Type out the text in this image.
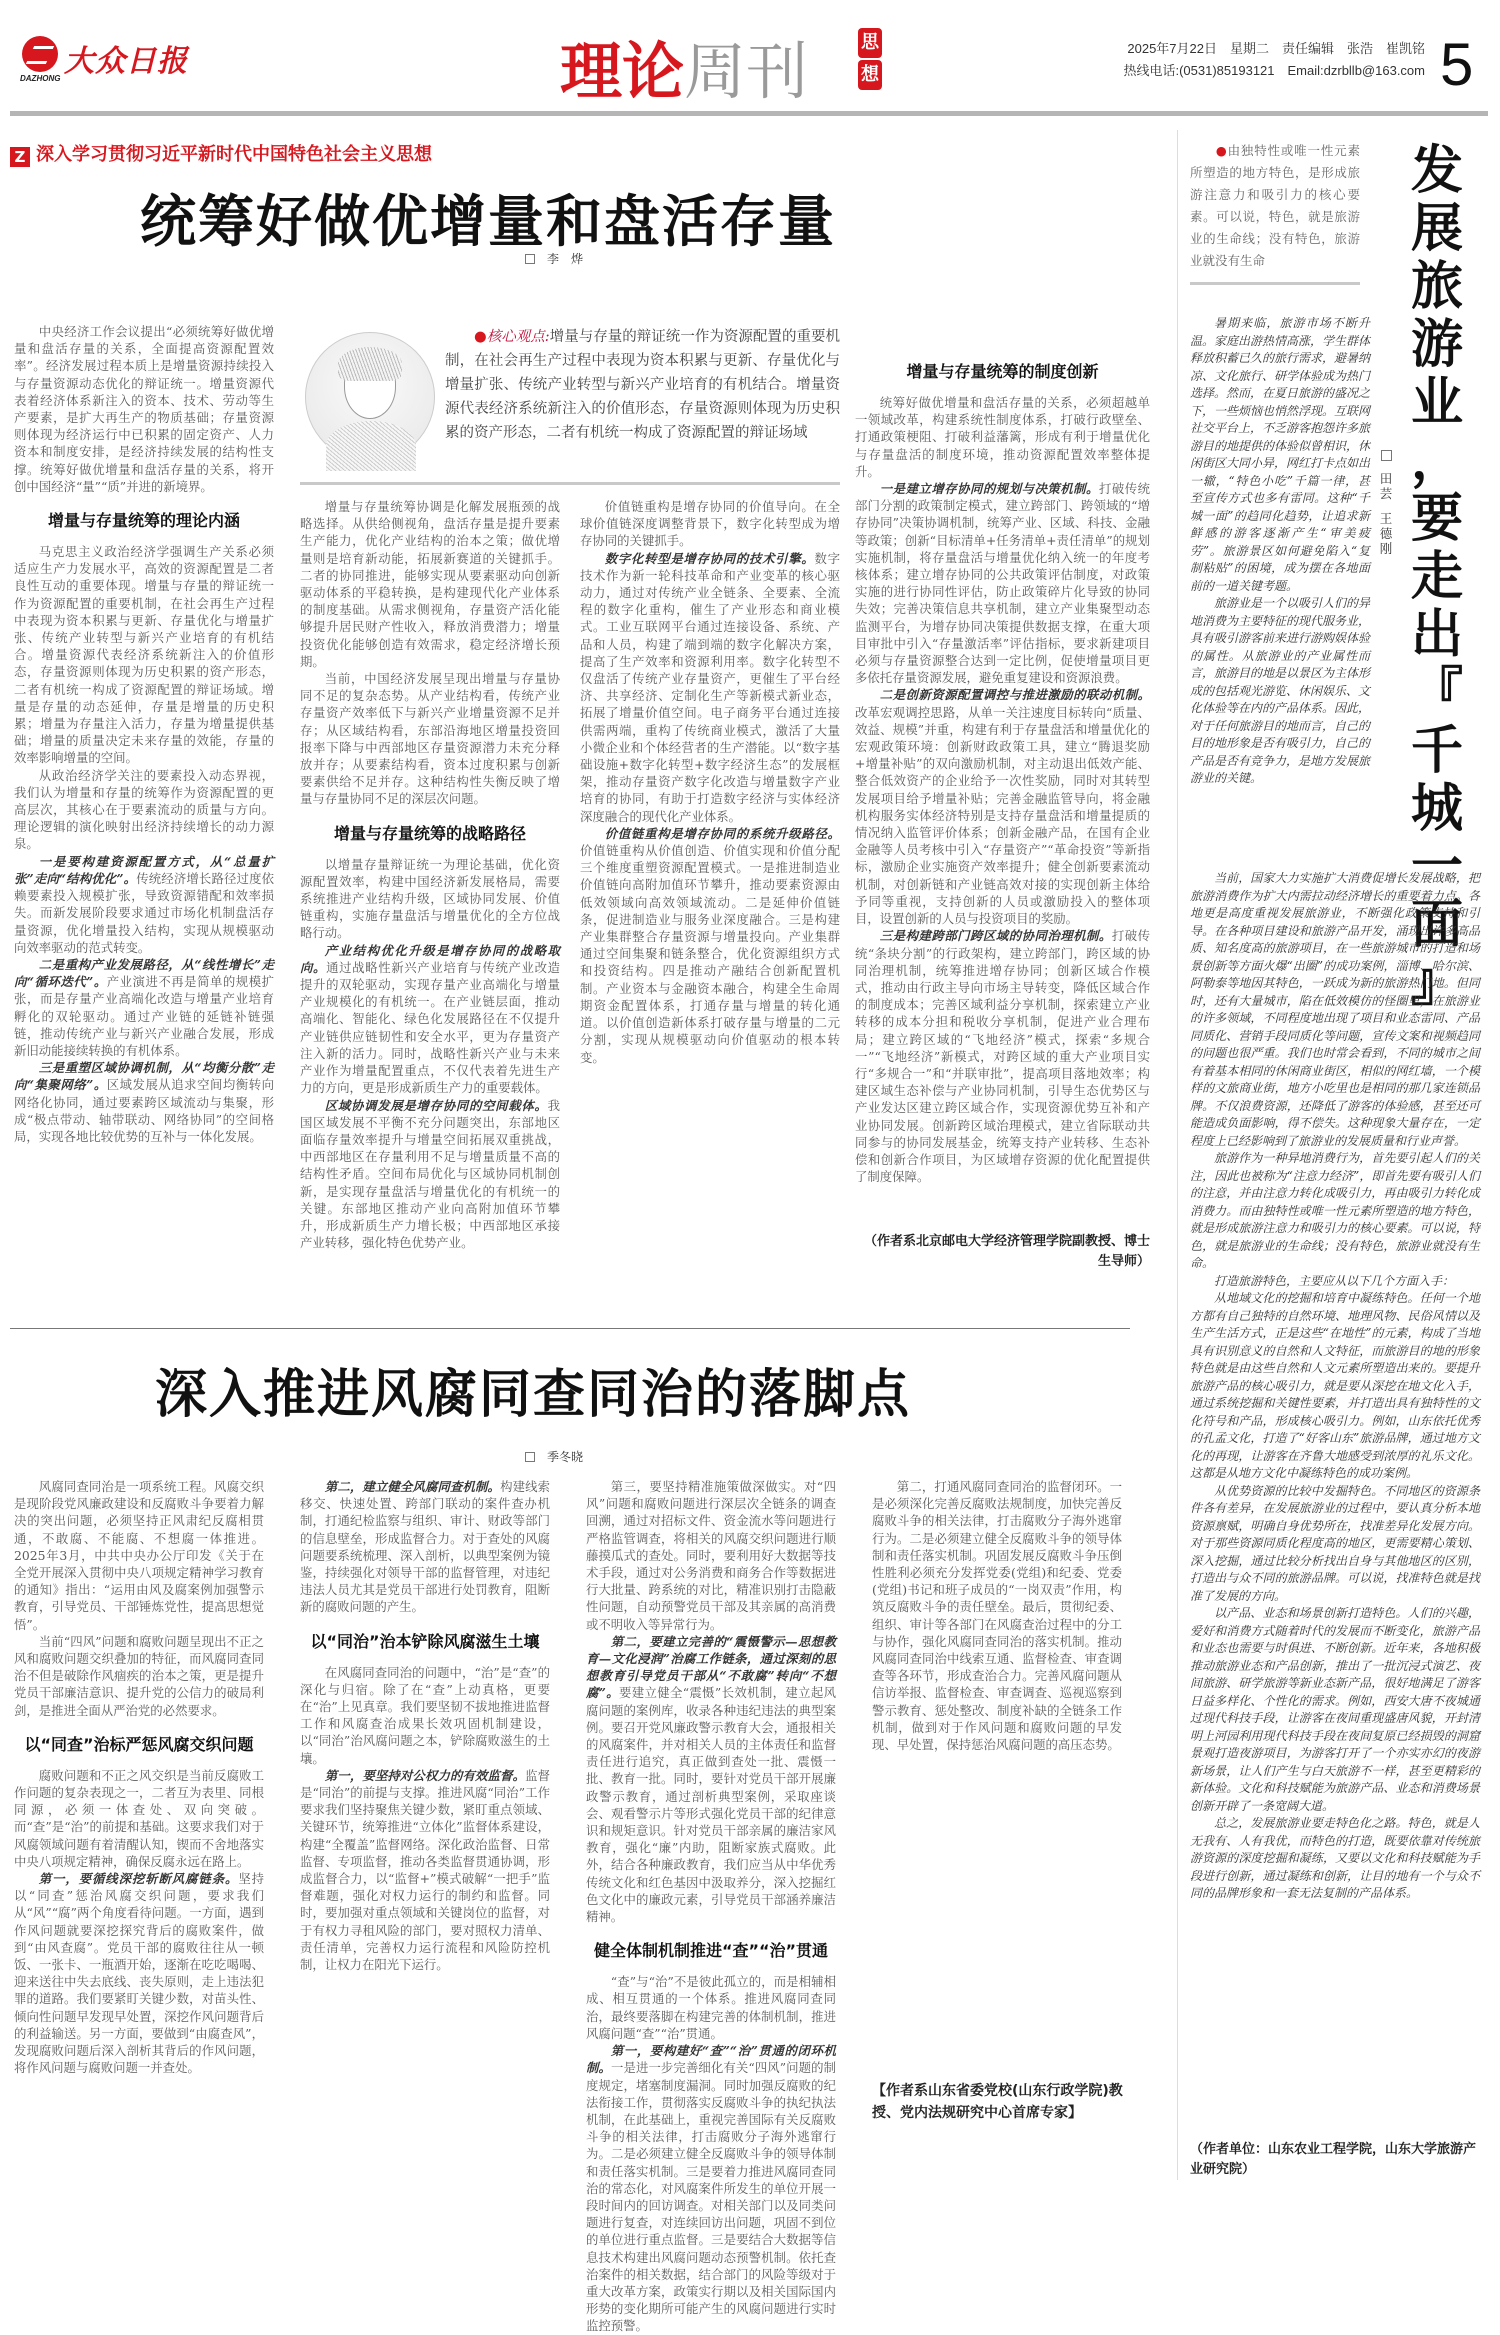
DAZHONG 大众日报	理论周刊	思
想
2025年7月22日　星期二　责任编辑　张浩　崔凯铭
热线电话:(0531)85193121　Email:dzrbllb@163.com 5
Z 深入学习贯彻习近平新时代中国特色社会主义思想
统筹好做优增量和盘活存量
李　烨
  ●核心观点:增量与存量的辩证统一作为资源配置的重要机制，在社会再生产过程中表现为资本积累与更新、存量优化与增量扩张、传统产业转型与新兴产业培育的有机结合。增量资源代表经济系统新注入的价值形态，存量资源则体现为历史积累的资产形态，二者有机统一构成了资源配置的辩证场域

中央经济工作会议提出“必须统筹好做优增量和盘活存量的关系，全面提高资源配置效率”。经济发展过程本质上是增量资源持续投入与存量资源动态优化的辩证统一。增量资源代表着经济体系新注入的资本、技术、劳动等生产要素，是扩大再生产的物质基础；存量资源则体现为经济运行中已积累的固定资产、人力资本和制度安排，是经济持续发展的结构性支撑。统筹好做优增量和盘活存量的关系，将开创中国经济“量”“质”并进的新境界。

增量与存量统筹的理论内涵

马克思主义政治经济学强调生产关系必须适应生产力发展水平，高效的资源配置是二者良性互动的重要体现。增量与存量的辩证统一作为资源配置的重要机制，在社会再生产过程中表现为资本积累与更新、存量优化与增量扩张、传统产业转型与新兴产业培育的有机结合。增量资源代表经济系统新注入的价值形态，存量资源则体现为历史积累的资产形态，二者有机统一构成了资源配置的辩证场域。增量是存量的动态延伸，存量是增量的历史积累；增量为存量注入活力，存量为增量提供基础；增量的质量决定未来存量的效能，存量的效率影响增量的空间。

从政治经济学关注的要素投入动态界视，我们认为增量和存量的统筹作为资源配置的更高层次，其核心在于要素流动的质量与方向。理论逻辑的演化映射出经济持续增长的动力源泉。

一是要构建资源配置方式，从“总量扩张”走向“结构优化”。传统经济增长路径过度依赖要素投入规模扩张，导致资源错配和效率损失。而新发展阶段要求通过市场化机制盘活存量资源，优化增量投入结构，实现从规模驱动向效率驱动的范式转变。

二是重构产业发展路径，从“线性增长”走向“循环迭代”。产业演进不再是简单的规模扩张，而是存量产业高端化改造与增量产业培育孵化的双轮驱动。通过产业链的延链补链强链，推动传统产业与新兴产业融合发展，形成新旧动能接续转换的有机体系。

三是重塑区域协调机制，从“均衡分散”走向“集聚网络”。区域发展从追求空间均衡转向网络化协同，通过要素跨区域流动与集聚，形成“极点带动、轴带联动、网络协同”的空间格局，实现各地比较优势的互补与一体化发展。

增量与存量统筹协调是化解发展瓶颈的战略选择。从供给侧视角，盘活存量是提升要素生产能力，优化产业结构的治本之策；做优增量则是培育新动能，拓展新赛道的关键抓手。二者的协同推进，能够实现从要素驱动向创新驱动体系的平稳转换，是构建现代化产业体系的制度基础。从需求侧视角，存量资产活化能够提升居民财产性收入，释放消费潜力；增量投资优化能够创造有效需求，稳定经济增长预期。

当前，中国经济发展呈现出增量与存量协同不足的复杂态势。从产业结构看，传统产业存量资产效率低下与新兴产业增量资源不足并存；从区域结构看，东部沿海地区增量投资回报率下降与中西部地区存量资源潜力未充分释放并存；从要素结构看，资本过度积累与创新要素供给不足并存。这种结构性失衡反映了增量与存量协同不足的深层次问题。

增量与存量统筹的战略路径

以增量存量辩证统一为理论基础，优化资源配置效率，构建中国经济新发展格局，需要系统推进产业结构升级，区域协同发展、价值链重构，实施存量盘活与增量优化的全方位战略行动。

产业结构优化升级是增存协同的战略取向。通过战略性新兴产业培育与传统产业改造提升的双轮驱动，实现存量产业高端化与增量产业规模化的有机统一。在产业链层面，推动高端化、智能化、绿色化发展路径在不仅提升产业链供应链韧性和安全水平，更为存量资产注入新的活力。同时，战略性新兴产业与未来产业作为增量配置重点，不仅代表着先进生产力的方向，更是形成新质生产力的重要载体。

区域协调发展是增存协同的空间载体。我国区域发展不平衡不充分问题突出，东部地区面临存量效率提升与增量空间拓展双重挑战，中西部地区在存量利用不足与增量质量不高的结构性矛盾。空间布局优化与区域协同机制创新，是实现存量盘活与增量优化的有机统一的关键。东部地区推动产业向高附加值环节攀升，形成新质生产力增长极；中西部地区承接产业转移，强化特色优势产业。

价值链重构是增存协同的价值导向。在全球价值链深度调整背景下，数字化转型成为增存协同的关键抓手。

数字化转型是增存协同的技术引擎。数字技术作为新一轮科技革命和产业变革的核心驱动力，通过对传统产业全链条、全要素、全流程的数字化重构，催生了产业形态和商业模式。工业互联网平台通过连接设备、系统、产品和人员，构建了端到端的数字化解决方案，提高了生产效率和资源利用率。数字化转型不仅盘活了传统产业存量资产，更催生了平台经济、共享经济、定制化生产等新模式新业态，拓展了增量价值空间。电子商务平台通过连接供需两端，重构了传统商业模式，激活了大量小微企业和个体经营者的生产潜能。以“数字基础设施+数字化转型+数字经济生态”的发展框架，推动存量资产数字化改造与增量数字产业培育的协同，有助于打造数字经济与实体经济深度融合的现代化产业体系。

价值链重构是增存协同的系统升级路径。价值链重构从价值创造、价值实现和价值分配三个维度重塑资源配置模式。一是推进制造业价值链向高附加值环节攀升，推动要素资源由低效领域向高效领域流动。二是延伸价值链条，促进制造业与服务业深度融合。三是构建产业集群整合存量资源与增量投向。产业集群通过空间集聚和链条整合，优化资源组织方式和投资结构。四是推动产融结合创新配置机制。产业资本与金融资本融合，构建全生命周期资金配置体系，打通存量与增量的转化通道。以价值创造新体系打破存量与增量的二元分割，实现从规模驱动向价值驱动的根本转变。

增量与存量统筹的制度创新

统筹好做优增量和盘活存量的关系，必须超越单一领域改革，构建系统性制度体系，打破行政壁垒、打通政策梗阻、打破利益藩篱，形成有利于增量优化与存量盘活的制度环境，推动资源配置效率整体提升。

一是建立增存协同的规划与决策机制。打破传统部门分割的政策制定模式，建立跨部门、跨领域的“增存协同”决策协调机制，统筹产业、区域、科技、金融等政策；创新“目标清单+任务清单+责任清单”的规划实施机制，将存量盘活与增量优化纳入统一的年度考核体系；建立增存协同的公共政策评估制度，对政策实施的进行协同性评估，防止政策碎片化导致的协同失效；完善决策信息共享机制，建立产业集聚型动态监测平台，为增存协同决策提供数据支撑，在重大项目审批中引入“存量激活率”评估指标，要求新建项目必须与存量资源整合达到一定比例，促使增量项目更多依托存量资源发展，避免重复建设和资源浪费。

二是创新资源配置调控与推进激励的联动机制。改革宏观调控思路，从单一关注速度目标转向“质量、效益、规模”并重，构建有利于存量盘活和增量优化的宏观政策环境：创新财政政策工具，建立“腾退奖励+增量补贴”的双向激励机制，对主动退出低效产能、整合低效资产的企业给予一次性奖励，同时对其转型发展项目给予增量补贴；完善金融监管导向，将金融机构服务实体经济特别是支持存量盘活和增量提质的情况纳入监管评价体系；创新金融产品，在国有企业金融等人员考核中引入“存量资产”“革命投资”等新指标，激励企业实施资产效率提升；健全创新要素流动机制，对创新链和产业链高效对接的实现创新主体给予同等重视，支持创新的人员或激励投入的整体项目，设置创新的人员与投资项目的奖励。

三是构建跨部门跨区域的协同治理机制。打破传统“条块分割”的行政架构，建立跨部门，跨区域的协同治理机制，统筹推进增存协同；创新区域合作模式，推动由行政主导向市场主导转变，降低区域合作的制度成本；完善区域利益分享机制，探索建立产业转移的成本分担和税收分享机制，促进产业合理布局；建立跨区域的“飞地经济”模式，探索“多规合一”“飞地经济”新模式，对跨区域的重大产业项目实行“多规合一”和“并联审批”，提高项目落地效率；构建区域生态补偿与产业协同机制，引导生态优势区与产业发达区建立跨区域合作，实现资源优势互补和产业协同发展。创新跨区域治理模式，建立省际联动共同参与的协同发展基金，统筹支持产业转移、生态补偿和创新合作项目，为区域增存资源的优化配置提供了制度保障。

（作者系北京邮电大学经济管理学院副教授、博士生导师）
深入推进风腐同查同治的落脚点
季冬晓

风腐同查同治是一项系统工程。风腐交织是现阶段党风廉政建设和反腐败斗争要着力解决的突出问题，必须坚持正风肃纪反腐相贯通，不敢腐、不能腐、不想腐一体推进。2025年3月，中共中央办公厅印发《关于在全党开展深入贯彻中央八项规定精神学习教育的通知》指出：“运用由风及腐案例加强警示教育，引导党员、干部锤炼党性，提高思想觉悟”。

当前“四风”问题和腐败问题呈现出不正之风和腐败问题交织叠加的特征，而风腐同查同治不但是破除作风痼疾的治本之策，更是提升党员干部廉洁意识、提升党的公信力的破局利剑，是推进全面从严治党的必然要求。

以“同查”治标严惩风腐交织问题

腐败问题和不正之风交织是当前反腐败工作问题的复杂表现之一，二者互为表里、同根同源，必须一体查处、双向突破。而“查”是“治”的前提和基础。这要求我们对于风腐领域问题有着清醒认知，锲而不舍地落实中央八项规定精神，确保反腐永远在路上。

第一，要循线深挖斩断风腐链条。坚持以“同查”惩治风腐交织问题，要求我们从“风”“腐”两个角度看待问题。一方面，遇到作风问题就要深挖探究背后的腐败案件，做到“由风查腐”。党员干部的腐败往往从一顿饭、一张卡、一瓶酒开始，逐渐在吃吃喝喝、迎来送往中失去底线、丧失原则，走上违法犯罪的道路。我们要紧盯关键少数，对苗头性、倾向性问题早发现早处置，深挖作风问题背后的利益输送。另一方面，要做到“由腐查风”，发现腐败问题后深入剖析其背后的作风问题，将作风问题与腐败问题一并查处。

第二，建立健全风腐同查机制。构建线索移交、快速处置、跨部门联动的案件查办机制，打通纪检监察与组织、审计、财政等部门的信息壁垒，形成监督合力。对于查处的风腐问题要系统梳理、深入剖析，以典型案例为镜鉴，持续强化对领导干部的监督管理，对违纪违法人员尤其是党员干部进行处罚教育，阻断新的腐败问题的产生。

以“同治”治本铲除风腐滋生土壤

在风腐同查同治的问题中，“治”是“查”的深化与归宿。除了在“查”上动真格，更要在“治”上见真章。我们要坚韧不拔地推进监督工作和风腐查治成果长效巩固机制建设，以“同治”治风腐问题之本，铲除腐败滋生的土壤。

第一，要坚持对公权力的有效监督。监督是“同治”的前提与支撑。推进风腐“同治”工作要求我们坚持聚焦关键少数，紧盯重点领域、关键环节，统筹推进“立体化”监督体系建设，构建“全覆盖”监督网络。深化政治监督、日常监督、专项监督，推动各类监督贯通协调，形成监督合力，以“监督+”模式破解“一把手”监督难题，强化对权力运行的制约和监督。同时，要加强对重点领域和关键岗位的监督，对于有权力寻租风险的部门，要对照权力清单、责任清单，完善权力运行流程和风险防控机制，让权力在阳光下运行。

第三，要坚持精准施策做深做实。对“四风”问题和腐败问题进行深层次全链条的调查回溯，通过对招标文件、资金流水等问题进行严格监管调查，将相关的风腐交织问题进行顺藤摸瓜式的查处。同时，要利用好大数据等技术手段，通过对公务消费和商务合作等数据进行大批量、跨系统的对比，精准识别打击隐蔽性问题，自动预警党员干部及其亲属的高消费或不明收入等异常行为。

第二，要建立完善的“震慑警示—思想教育—文化浸润”治腐工作链条，通过深刻的思想教育引导党员干部从“不敢腐”转向“不想腐”。要建立健全“震慑”长效机制，建立起风腐问题的案例库，收录各种违纪违法的典型案例。要召开党风廉政警示教育大会，通报相关的风腐案件，并对相关人员的主体责任和监督责任进行追究，真正做到查处一批、震慑一批、教育一批。同时，要针对党员干部开展廉政警示教育，通过剖析典型案例，采取座谈会、观看警示片等形式强化党员干部的纪律意识和规矩意识。针对党员干部亲属的廉洁家风教育，强化“廉”内助，阻断家族式腐败。此外，结合各种廉政教育，我们应当从中华优秀传统文化和红色基因中汲取养分，深入挖掘红色文化中的廉政元素，引导党员干部涵养廉洁精神。

健全体制机制推进“查”“治”贯通

“查”与“治”不是彼此孤立的，而是相辅相成、相互贯通的一个体系。推进风腐同查同治，最终要落脚在构建完善的体制机制，推进风腐问题“查”“治”贯通。

第一，要构建好“查”“治”贯通的闭环机制。一是进一步完善细化有关“四风”问题的制度规定，堵塞制度漏洞。同时加强反腐败的纪法衔接工作，贯彻落实反腐败斗争的执纪执法机制，在此基础上，重视完善国际有关反腐败斗争的相关法律，打击腐败分子海外逃窜行为。二是必须建立健全反腐败斗争的领导体制和责任落实机制。三是要着力推进风腐同查同治的常态化，对风腐案件所发生的单位开展一段时间内的回访调查。对相关部门以及同类问题进行复查，对连续回访出问题，巩固不到位的单位进行重点监督。三是要结合大数据等信息技术构建出风腐问题动态预警机制。依托查治案件的相关数据，结合部门的风险等级对于重大改革方案，政策实行期以及相关国际国内形势的变化期所可能产生的风腐问题进行实时监控预警。

第二，打通风腐同查同治的监督闭环。一是必须深化完善反腐败法规制度，加快完善反腐败斗争的相关法律，打击腐败分子海外逃窜行为。二是必须建立健全反腐败斗争的领导体制和责任落实机制。巩固发展反腐败斗争压倒性胜利必须充分发挥党委(党组)和纪委、党委(党组)书记和班子成员的“一岗双责”作用，构筑反腐败斗争的责任壁垒。最后，贯彻纪委、组织、审计等各部门在风腐查治过程中的分工与协作，强化风腐同查同治的落实机制。推动风腐同查同治中线索互通、监督检查、审查调查等各环节，形成查治合力。完善风腐问题从信访举报、监督检查、审查调查、巡视巡察到警示教育、惩处整改、制度补缺的全链条工作机制，做到对于作风问题和腐败问题的早发现、早处置，保持惩治风腐问题的高压态势。

【作者系山东省委党校(山东行政学院)教授、党内法规研究中心首席专家】
  ●由独特性或唯一性元素所塑造的地方特色，是形成旅游注意力和吸引力的核心要素。可以说，特色，就是旅游业的生命线；没有特色，旅游业就没有生命
发
展
旅
游
业
，
要
走
出
『
千
城
一
面
』
田
芸
王
德
刚

暑期来临，旅游市场不断升温。家庭出游热情高涨，学生群体释放积蓄已久的旅行需求，避暑纳凉、文化旅行、研学体验成为热门选择。然而，在夏日旅游的盛况之下，一些烦恼也悄然浮现。互联网社交平台上，不乏游客抱怨许多旅游目的地提供的体验似曾相识，休闲街区大同小异，网红打卡点如出一辙，“特色小吃”千篇一律，甚至宣传方式也多有雷同。这种“千城一面”的趋同化趋势，让追求新鲜感的游客逐渐产生“审美疲劳”。旅游景区如何避免陷入“复制粘贴”的困境，成为摆在各地面前的一道关键考题。

旅游业是一个以吸引人们的异地消费为主要特征的现代服务业，具有吸引游客前来进行游购娱体验的属性。从旅游业的产业属性而言，旅游目的地是以景区为主体形成的包括观光游览、休闲娱乐、文化体验等在内的产品体系。因此，对于任何旅游目的地而言，自己的目的地形象是否有吸引力，自己的产品是否有竞争力，是地方发展旅游业的关键。

当前，国家大力实施扩大消费促增长发展战略，把旅游消费作为扩大内需拉动经济增长的重要着力点。各地更是高度重视发展旅游业，不断强化政策支持和引导。在各种项目建设和旅游产品开发，涌现出许多高品质、知名度高的旅游项目，在一些旅游城市的打造和场景创新等方面火爆“出圈”的成功案例，淄博、哈尔滨、阿勒泰等地因其特色，一跃成为新的旅游热门地。但同时，还有大量城市，陷在低效模仿的怪圈里，在旅游业的许多领域，不同程度地出现了项目和业态雷同、产品同质化、营销手段同质化等问题，宣传文案和视频趋同的问题也很严重。我们也时常会看到，不同的城市之间有着基本相同的休闲商业街区，相似的网红墙，一个模样的文旅商业街，地方小吃里也是相同的那几家连锁品牌。不仅浪费资源，还降低了游客的体验感，甚至还可能造成负面影响，得不偿失。这种现象大量存在，一定程度上已经影响到了旅游业的发展质量和行业声誉。

旅游作为一种异地消费行为，首先要引起人们的关注，因此也被称为“注意力经济”，即首先要有吸引人们的注意，并由注意力转化成吸引力，再由吸引力转化成消费力。而由独特性或唯一性元素所塑造的地方特色，就是形成旅游注意力和吸引力的核心要素。可以说，特色，就是旅游业的生命线；没有特色，旅游业就没有生命。

打造旅游特色，主要应从以下几个方面入手：

从地域文化的挖掘和培育中凝练特色。任何一个地方都有自己独特的自然环境、地理风物、民俗风情以及生产生活方式，正是这些“在地性”的元素，构成了当地具有识别意义的自然和人文特征，而旅游目的地的形象特色就是由这些自然和人文元素所塑造出来的。要提升旅游产品的核心吸引力，就是要从深挖在地文化入手，通过系统挖掘和关键性要素，并打造出具有独特性的文化符号和产品，形成核心吸引力。例如，山东依托优秀的孔孟文化，打造了“好客山东”旅游品牌，通过地方文化的再现，让游客在齐鲁大地感受到浓厚的礼乐文化。这都是从地方文化中凝练特色的成功案例。

从优势资源的比较中发掘特色。不同地区的资源条件各有差异，在发展旅游业的过程中，要认真分析本地资源禀赋，明确自身优势所在，找准差异化发展方向。对于那些资源同质化程度高的地区，更需要精心策划、深入挖掘，通过比较分析找出自身与其他地区的区别，打造出与众不同的旅游品牌。可以说，找准特色就是找准了发展的方向。

以产品、业态和场景创新打造特色。人们的兴趣，爱好和消费方式随着时代的发展而不断变化，旅游产品和业态也需要与时俱进、不断创新。近年来，各地积极推动旅游业态和产品创新，推出了一批沉浸式演艺、夜间旅游、研学旅游等新业态新产品，很好地满足了游客日益多样化、个性化的需求。例如，西安大唐不夜城通过现代科技手段，让游客在夜间重现盛唐风貌，开封清明上河园利用现代科技手段在夜间复原已经损毁的洞窟景观打造夜游项目，为游客打开了一个亦实亦幻的夜游新场景，让人们产生与白天旅游不一样，甚至更精彩的新体验。文化和科技赋能为旅游产品、业态和消费场景创新开辟了一条宽阔大道。

总之，发展旅游业要走特色化之路。特色，就是人无我有、人有我优，而特色的打造，既要依靠对传统旅游资源的深度挖掘和凝练，又要以文化和科技赋能为手段进行创新，通过凝练和创新，让目的地有一个与众不同的品牌形象和一套无法复制的产品体系。

（作者单位：山东农业工程学院，山东大学旅游产业研究院）
